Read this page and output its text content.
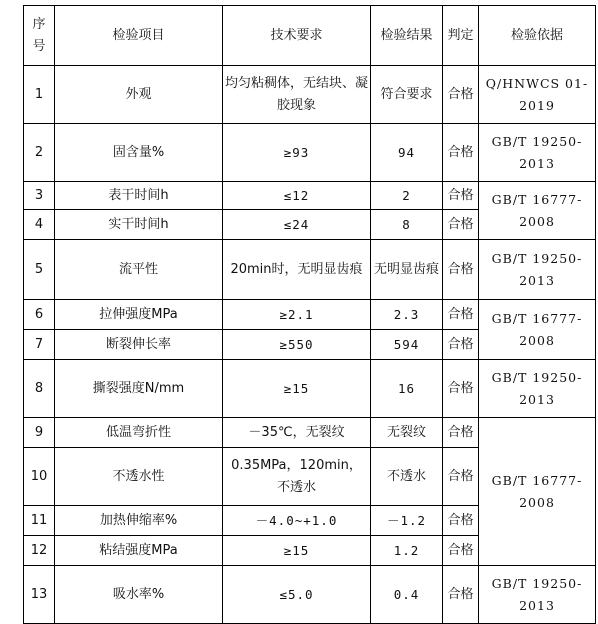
序
号	检验项目	技术要求	检验结果	判定	检验依据
1	外观	均匀粘稠体，无结块、凝胶现象	符合要求	合格	Q/HNWCS 01-2019
2	固含量%	≥93	94	合格	GB/T 19250-2013
3	表干时间h	≤12	2	合格	GB/T 16777-2008
4	实干时间h	≤24	8	合格	
5	流平性	20min时，无明显齿痕	无明显齿痕	合格	GB/T 19250-2013
6	拉伸强度MPa	≥2.1	2.3	合格	GB/T 16777-2008
7	断裂伸长率	≥550	594	合格	
8	撕裂强度N/mm	≥15	16	合格	GB/T 19250-2013
9	低温弯折性	－35℃，无裂纹	无裂纹	合格	GB/T 16777-2008
10	不透水性	0.35MPa，120min，不透水	不透水	合格	
11	加热伸缩率%	－4.0~+1.0	－1.2	合格	
12	粘结强度MPa	≥15	1.2	合格	
13	吸水率%	≤5.0	0.4	合格	GB/T 19250-2013
